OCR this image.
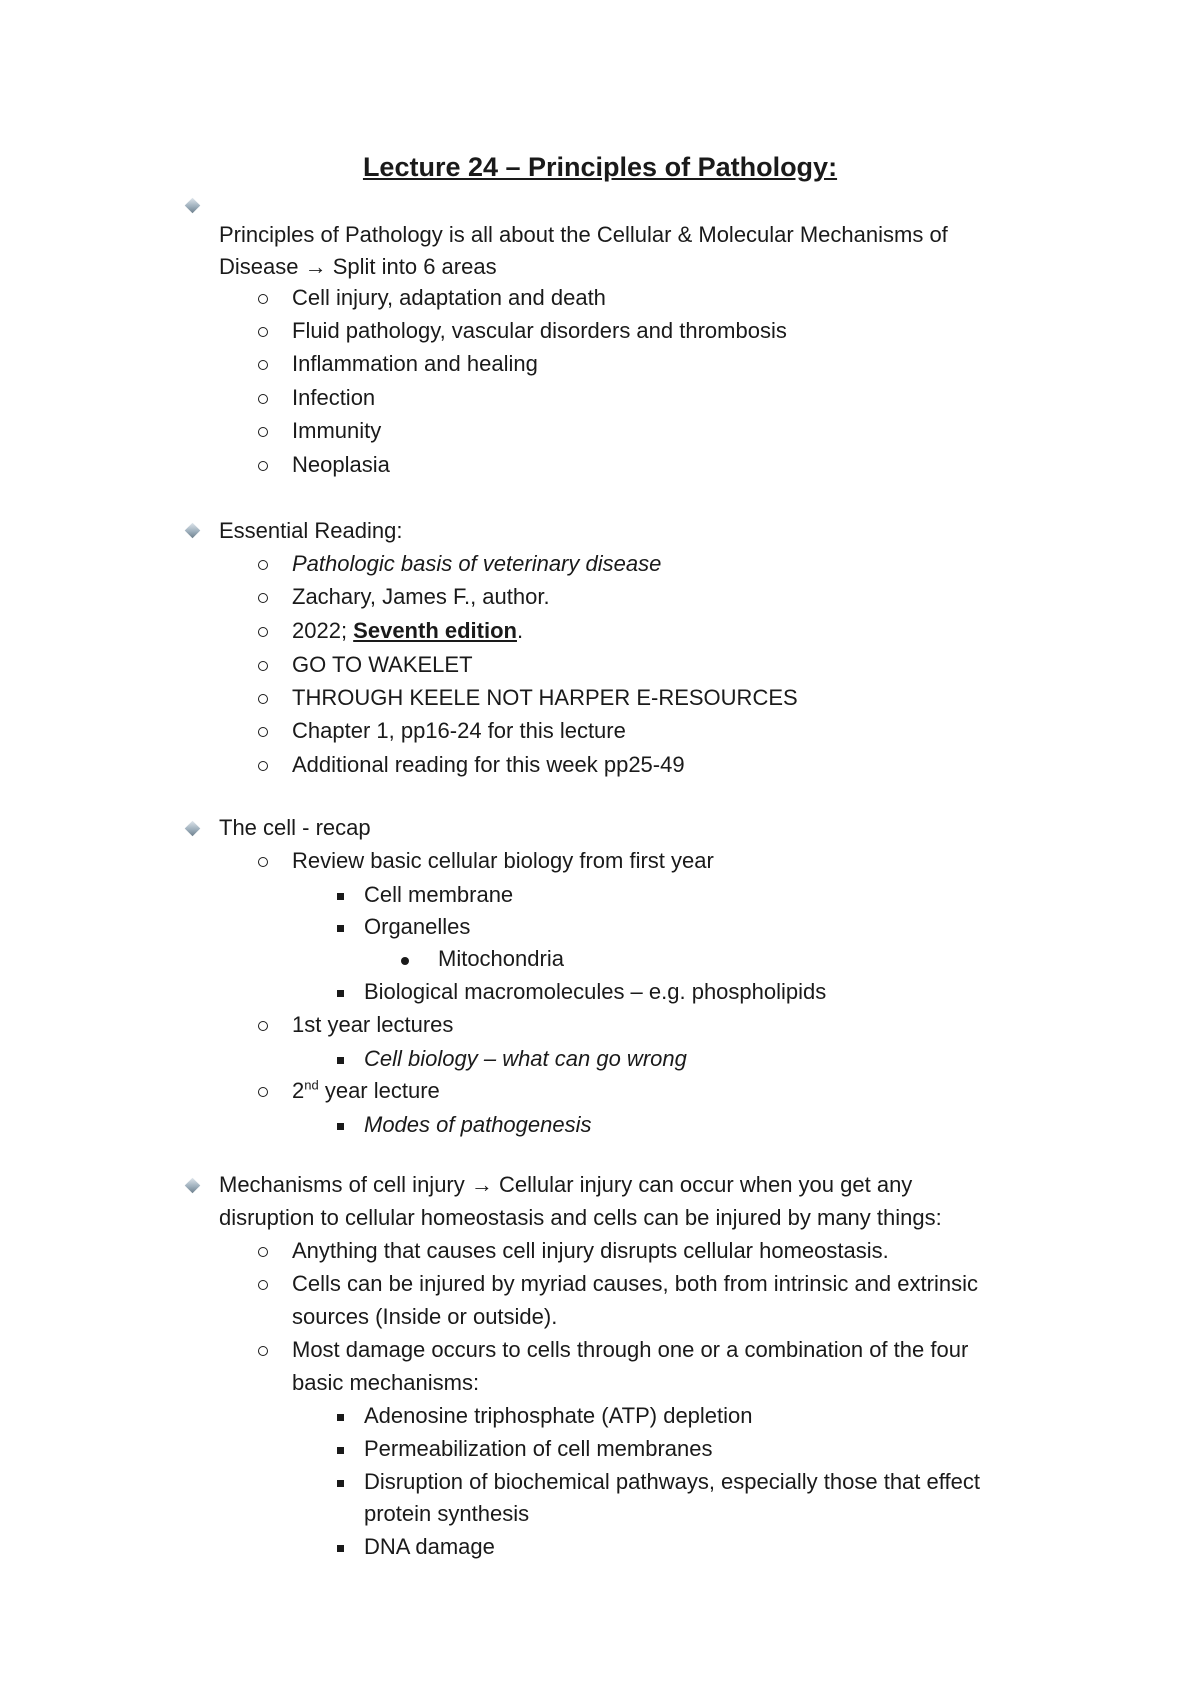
Lecture 24 – Principles of Pathology:
Principles of Pathology is all about the Cellular & Molecular Mechanisms of
Disease → Split into 6 areas
Cell injury, adaptation and death
Fluid pathology, vascular disorders and thrombosis
Inflammation and healing
Infection
Immunity
Neoplasia
Essential Reading:
Pathologic basis of veterinary disease
Zachary, James F., author.
2022; Seventh edition.
GO TO WAKELET
THROUGH KEELE NOT HARPER E-RESOURCES
Chapter 1, pp16-24 for this lecture
Additional reading for this week pp25-49
The cell - recap
Review basic cellular biology from first year
Cell membrane
Organelles
Mitochondria
Biological macromolecules – e.g. phospholipids
1st year lectures
Cell biology – what can go wrong
2nd year lecture
Modes of pathogenesis
Mechanisms of cell injury → Cellular injury can occur when you get any
disruption to cellular homeostasis and cells can be injured by many things:
Anything that causes cell injury disrupts cellular homeostasis.
Cells can be injured by myriad causes, both from intrinsic and extrinsic
sources (Inside or outside).
Most damage occurs to cells through one or a combination of the four
basic mechanisms:
Adenosine triphosphate (ATP) depletion
Permeabilization of cell membranes
Disruption of biochemical pathways, especially those that effect
protein synthesis
DNA damage
